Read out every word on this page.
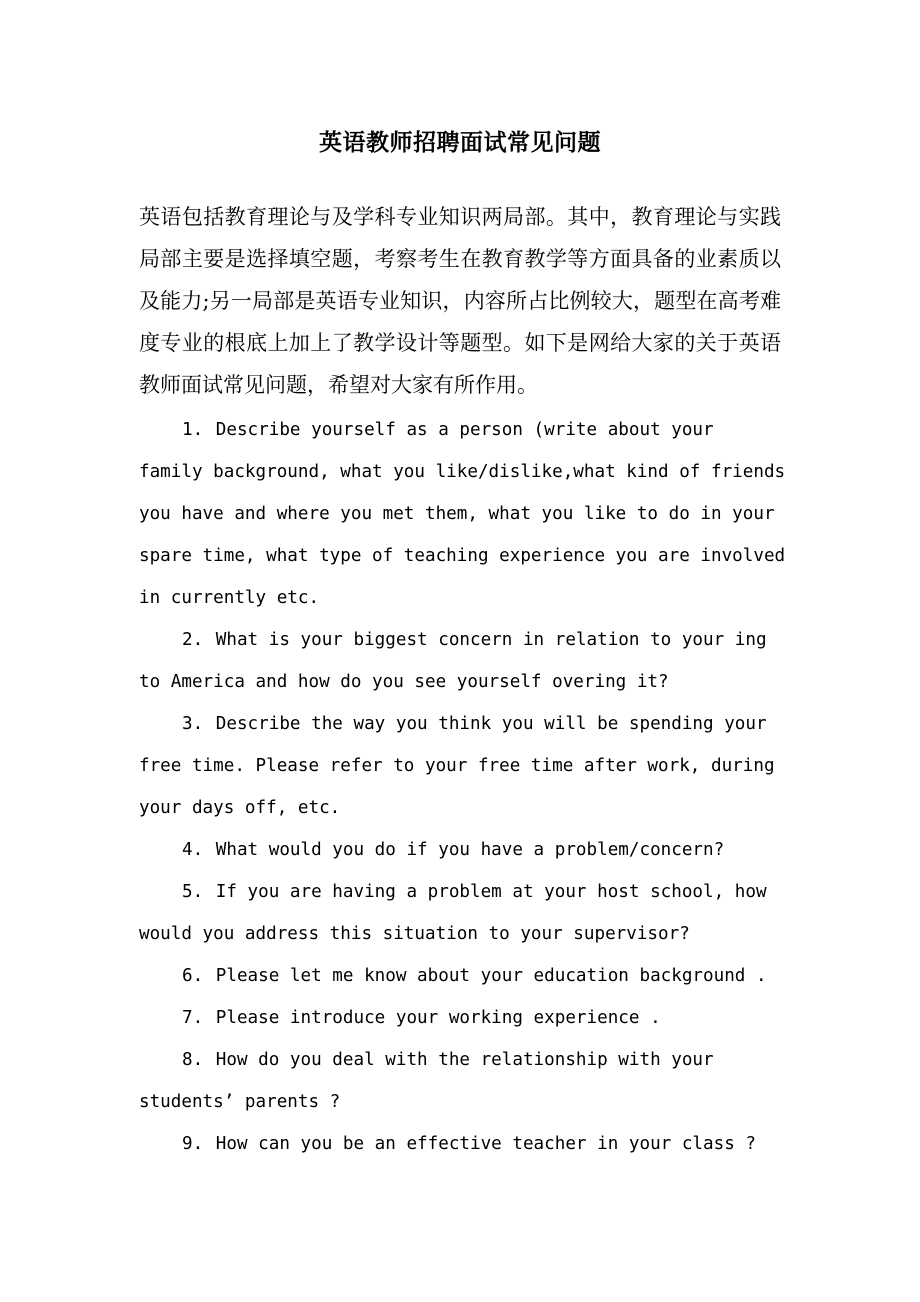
英语教师招聘面试常见问题

英语包括教育理论与及学科专业知识两局部。其中，教育理论与实践局部主要是选择填空题，考察考生在教育教学等方面具备的业素质以及能力;另一局部是英语专业知识，内容所占比例较大，题型在高考难度专业的根底上加上了教学设计等题型。如下是网给大家的关于英语教师面试常见问题，希望对大家有所作用。

1. Describe yourself as a person (write about your family background, what you like/dislike,what kind of friends you have and where you met them, what you like to do in your spare time, what type of teaching experience you are involved in currently etc.
2. What is your biggest concern in relation to your ing to America and how do you see yourself overing it?
3. Describe the way you think you will be spending your free time. Please refer to your free time after work, during your days off, etc.
4. What would you do if you have a problem/concern?
5. If you are having a problem at your host school, how would you address this situation to your supervisor?
6. Please let me know about your education background .
7. Please introduce your working experience .
8. How do you deal with the relationship with your students’ parents ?
9. How can you be an effective teacher in your class ?
